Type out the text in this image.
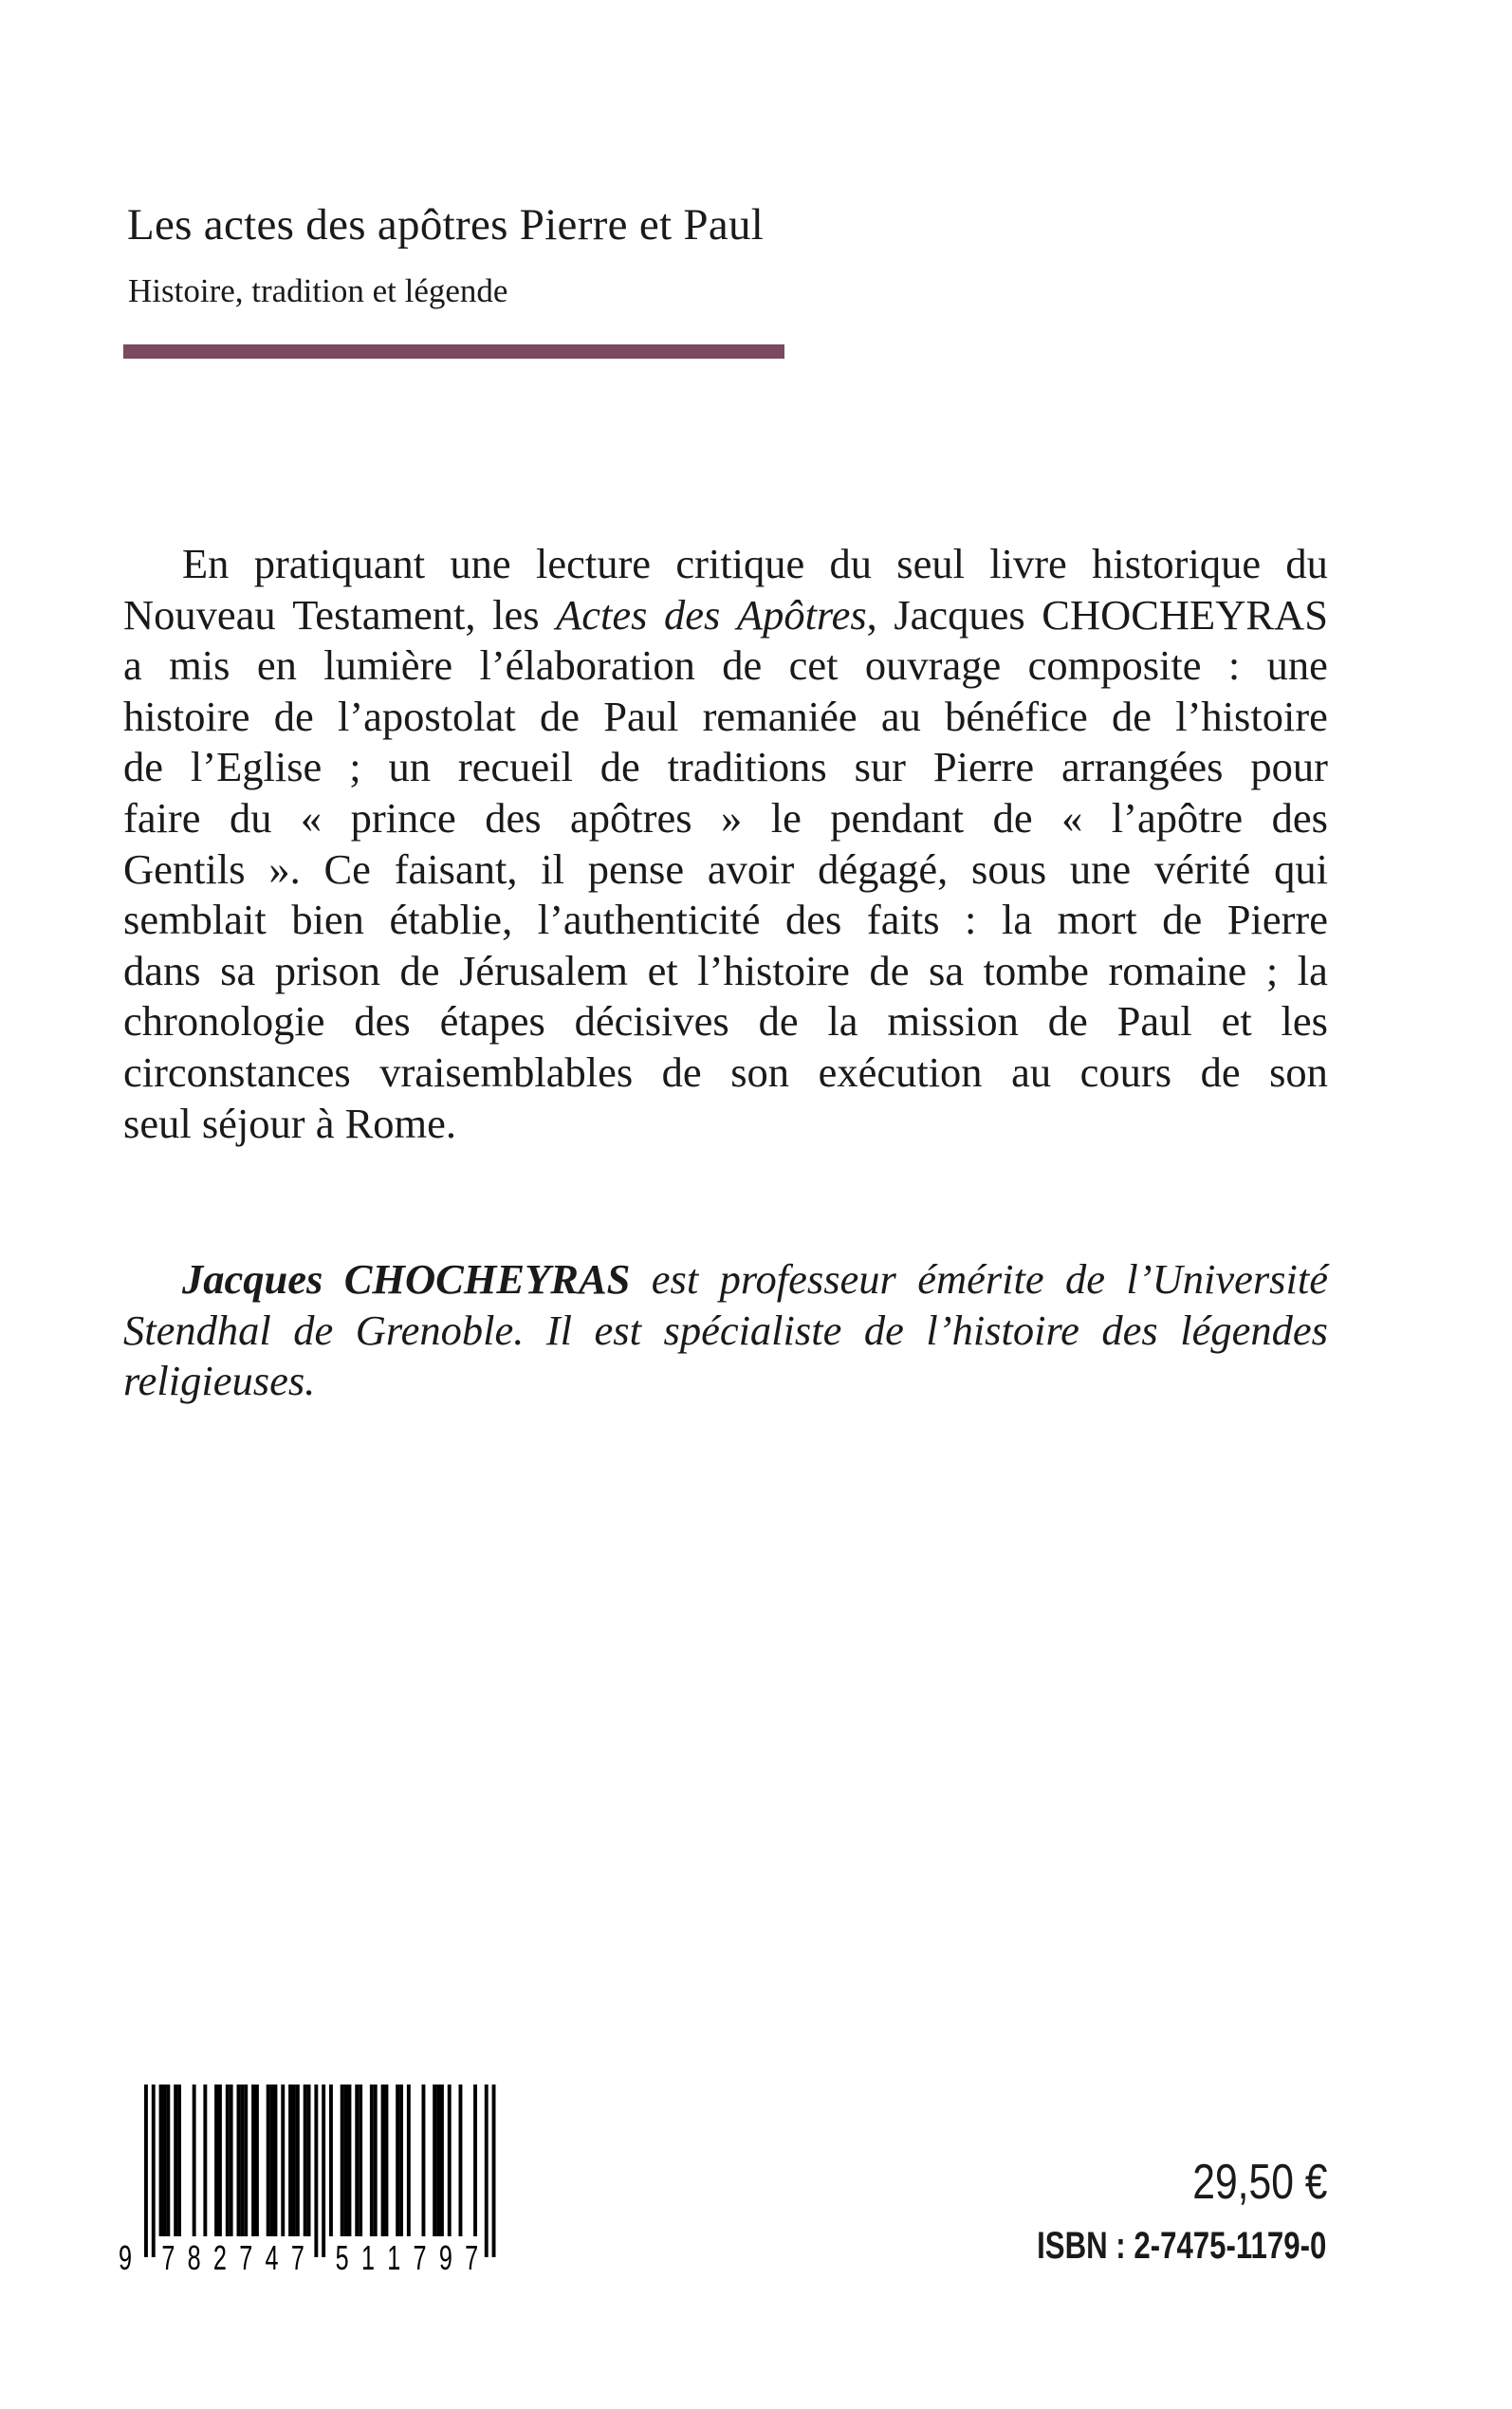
Les actes des apôtres Pierre et Paul
Histoire, tradition et légende
En pratiquant une lecture critique du seul livre historique du
Nouveau Testament, les Actes des Apôtres, Jacques CHOCHEYRAS
a mis en lumière l’élaboration de cet ouvrage composite : une
histoire de l’apostolat de Paul remaniée au bénéfice de l’histoire
de l’Eglise ; un recueil de traditions sur Pierre arrangées pour
faire du « prince des apôtres » le pendant de « l’apôtre des
Gentils ». Ce faisant, il pense avoir dégagé, sous une vérité qui
semblait bien établie, l’authenticité des faits : la mort de Pierre
dans sa prison de Jérusalem et l’histoire de sa tombe romaine ; la
chronologie des étapes décisives de la mission de Paul et les
circonstances vraisemblables de son exécution au cours de son
seul séjour à Rome.
Jacques CHOCHEYRAS est professeur émérite de l’Université
Stendhal de Grenoble. Il est spécialiste de l’histoire des légendes
religieuses.
9 7 8 2 7 4 7 5 1 1 7 9 7
29,50 €
ISBN : 2-7475-1179-0
